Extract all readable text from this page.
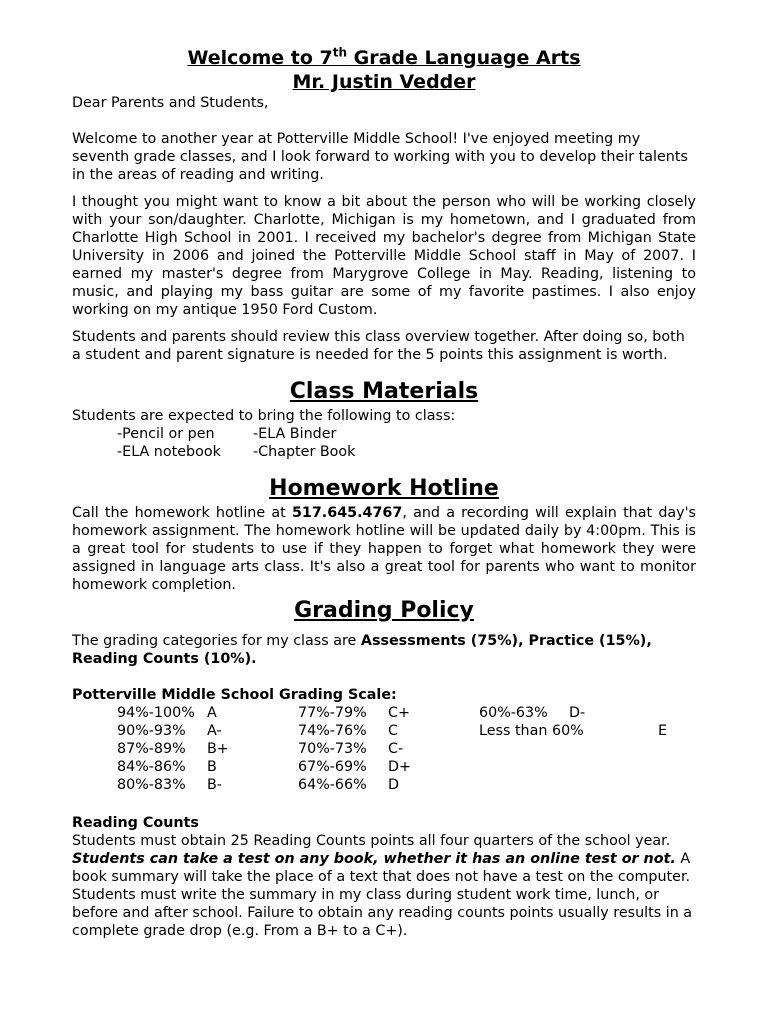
Welcome to 7th Grade Language Arts
Mr. Justin Vedder

Dear Parents and Students,

Welcome to another year at Potterville Middle School! I've enjoyed meeting my seventh grade classes, and I look forward to working with you to develop their talents in the areas of reading and writing.

I thought you might want to know a bit about the person who will be working closely with your son/daughter. Charlotte, Michigan is my hometown, and I graduated from Charlotte High School in 2001. I received my bachelor's degree from Michigan State University in 2006 and joined the Potterville Middle School staff in May of 2007. I earned my master's degree from Marygrove College in May. Reading, listening to music, and playing my bass guitar are some of my favorite pastimes. I also enjoy working on my antique 1950 Ford Custom.

Students and parents should review this class overview together. After doing so, both a student and parent signature is needed for the 5 points this assignment is worth.

Class Materials

Students are expected to bring the following to class:

-Pencil or pen	-ELA Binder
-ELA notebook	-Chapter Book
Homework Hotline

Call the homework hotline at 517.645.4767, and a recording will explain that day's homework assignment. The homework hotline will be updated daily by 4:00pm. This is a great tool for students to use if they happen to forget what homework they were assigned in language arts class. It's also a great tool for parents who want to monitor homework completion.

Grading Policy

The grading categories for my class are Assessments (75%), Practice (15%), Reading Counts (10%).

Potterville Middle School Grading Scale:

94%-100% A	77%-79%	C+	60%-63%	D-
90%-93%	A-	74%-76%	C	Less than 60%	E
87%-89%	B+	70%-73%	C-
84%-86%	B	67%-69%	D+
80%-83%	B-	64%-66%	D

Reading Counts

Students must obtain 25 Reading Counts points all four quarters of the school year. Students can take a test on any book, whether it has an online test or not. A book summary will take the place of a text that does not have a test on the computer. Students must write the summary in my class during student work time, lunch, or before and after school. Failure to obtain any reading counts points usually results in a complete grade drop (e.g. From a B+ to a C+).
